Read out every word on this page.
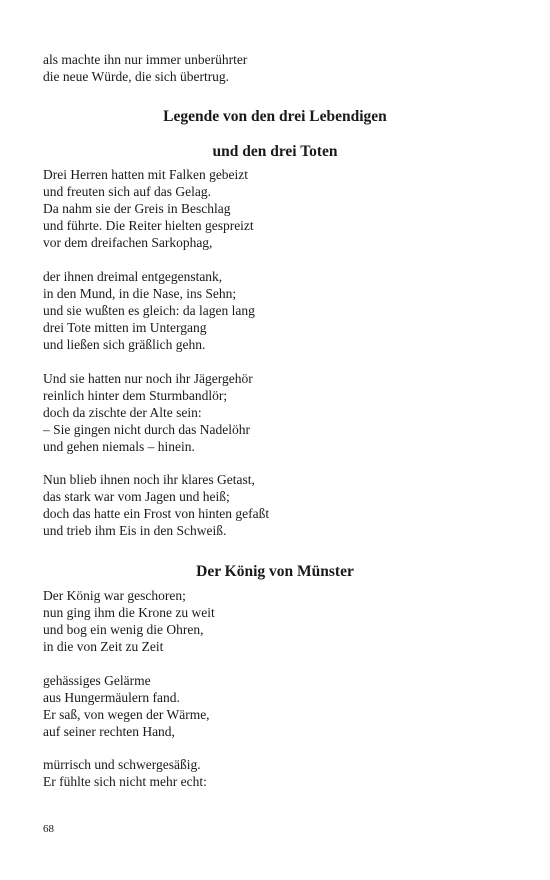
als machte ihn nur immer unberührter
die neue Würde, die sich übertrug.
Legende von den drei Lebendigen
und den drei Toten
Drei Herren hatten mit Falken gebeizt
und freuten sich auf das Gelag.
Da nahm sie der Greis in Beschlag
und führte. Die Reiter hielten gespreizt
vor dem dreifachen Sarkophag,
der ihnen dreimal entgegenstank,
in den Mund, in die Nase, ins Sehn;
und sie wußten es gleich: da lagen lang
drei Tote mitten im Untergang
und ließen sich gräßlich gehn.
Und sie hatten nur noch ihr Jägergehör
reinlich hinter dem Sturmbandlör;
doch da zischte der Alte sein:
– Sie gingen nicht durch das Nadelöhr
und gehen niemals – hinein.
Nun blieb ihnen noch ihr klares Getast,
das stark war vom Jagen und heiß;
doch das hatte ein Frost von hinten gefaßt
und trieb ihm Eis in den Schweiß.
Der König von Münster
Der König war geschoren;
nun ging ihm die Krone zu weit
und bog ein wenig die Ohren,
in die von Zeit zu Zeit
gehässiges Gelärme
aus Hungermäulern fand.
Er saß, von wegen der Wärme,
auf seiner rechten Hand,
mürrisch und schwergesäßig.
Er fühlte sich nicht mehr echt:
68
